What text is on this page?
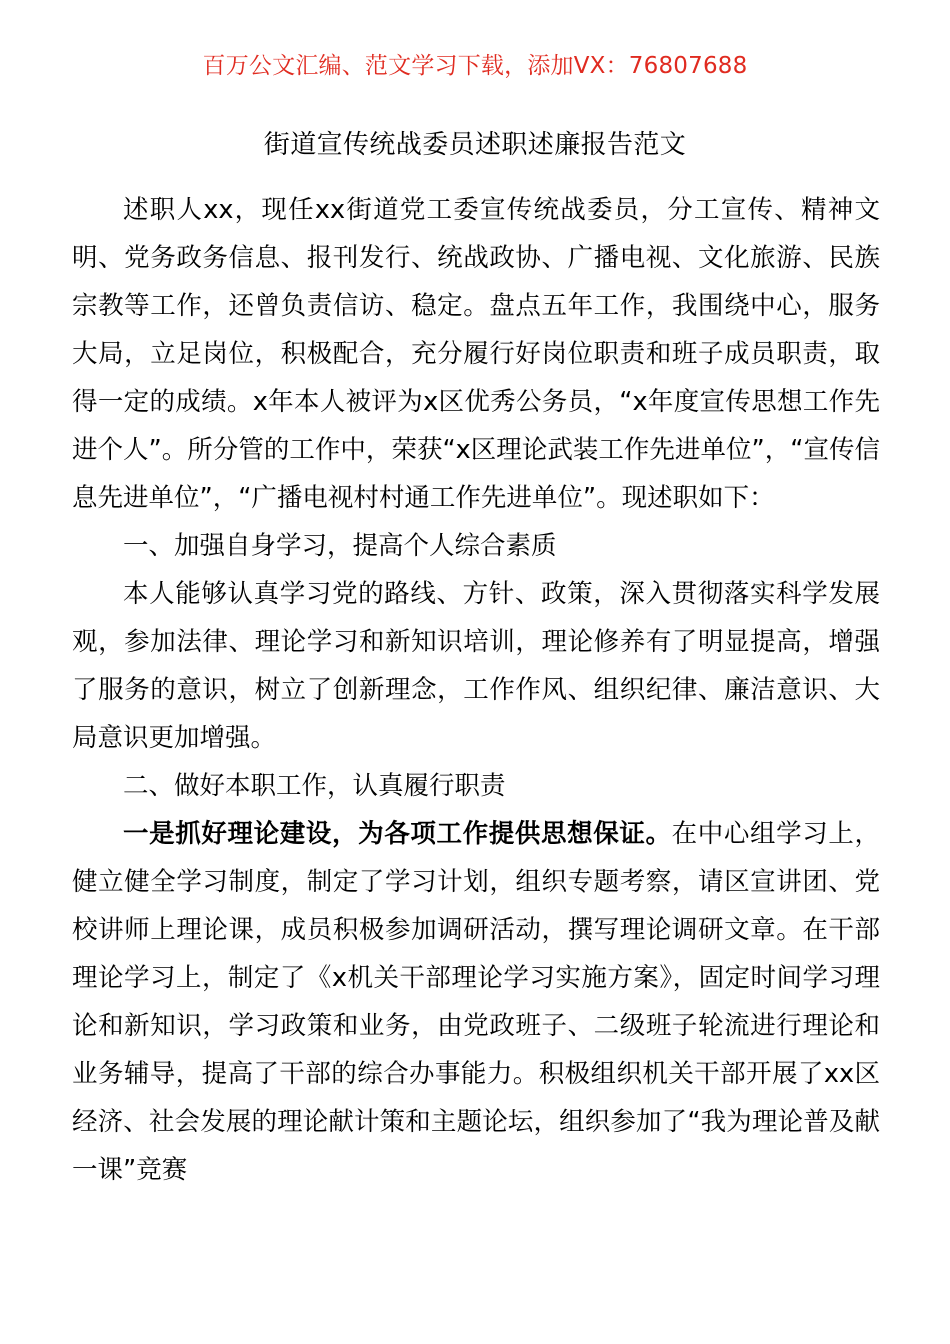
百万公文汇编、范文学习下载，添加VX：76807688
街道宣传统战委员述职述廉报告范文

述职人xx，现任xx街道党工委宣传统战委员，分工宣传、精神文明、党务政务信息、报刊发行、统战政协、广播电视、文化旅游、民族宗教等工作，还曾负责信访、稳定。盘点五年工作，我围绕中心，服务大局，立足岗位，积极配合，充分履行好岗位职责和班子成员职责，取得一定的成绩。x年本人被评为x区优秀公务员，“x年度宣传思想工作先进个人”。所分管的工作中，荣获“x区理论武装工作先进单位”，“宣传信息先进单位”，“广播电视村村通工作先进单位”。现述职如下：

一、加强自身学习，提高个人综合素质

本人能够认真学习党的路线、方针、政策，深入贯彻落实科学发展观，参加法律、理论学习和新知识培训，理论修养有了明显提高，增强了服务的意识，树立了创新理念，工作作风、组织纪律、廉洁意识、大局意识更加增强。

二、做好本职工作，认真履行职责

一是抓好理论建设，为各项工作提供思想保证。在中心组学习上，健立健全学习制度，制定了学习计划，组织专题考察，请区宣讲团、党校讲师上理论课，成员积极参加调研活动，撰写理论调研文章。在干部理论学习上，制定了《x机关干部理论学习实施方案》，固定时间学习理论和新知识，学习政策和业务，由党政班子、二级班子轮流进行理论和业务辅导，提高了干部的综合办事能力。积极组织机关干部开展了xx区经济、社会发展的理论献计策和主题论坛，组织参加了“我为理论普及献一课”竞赛
